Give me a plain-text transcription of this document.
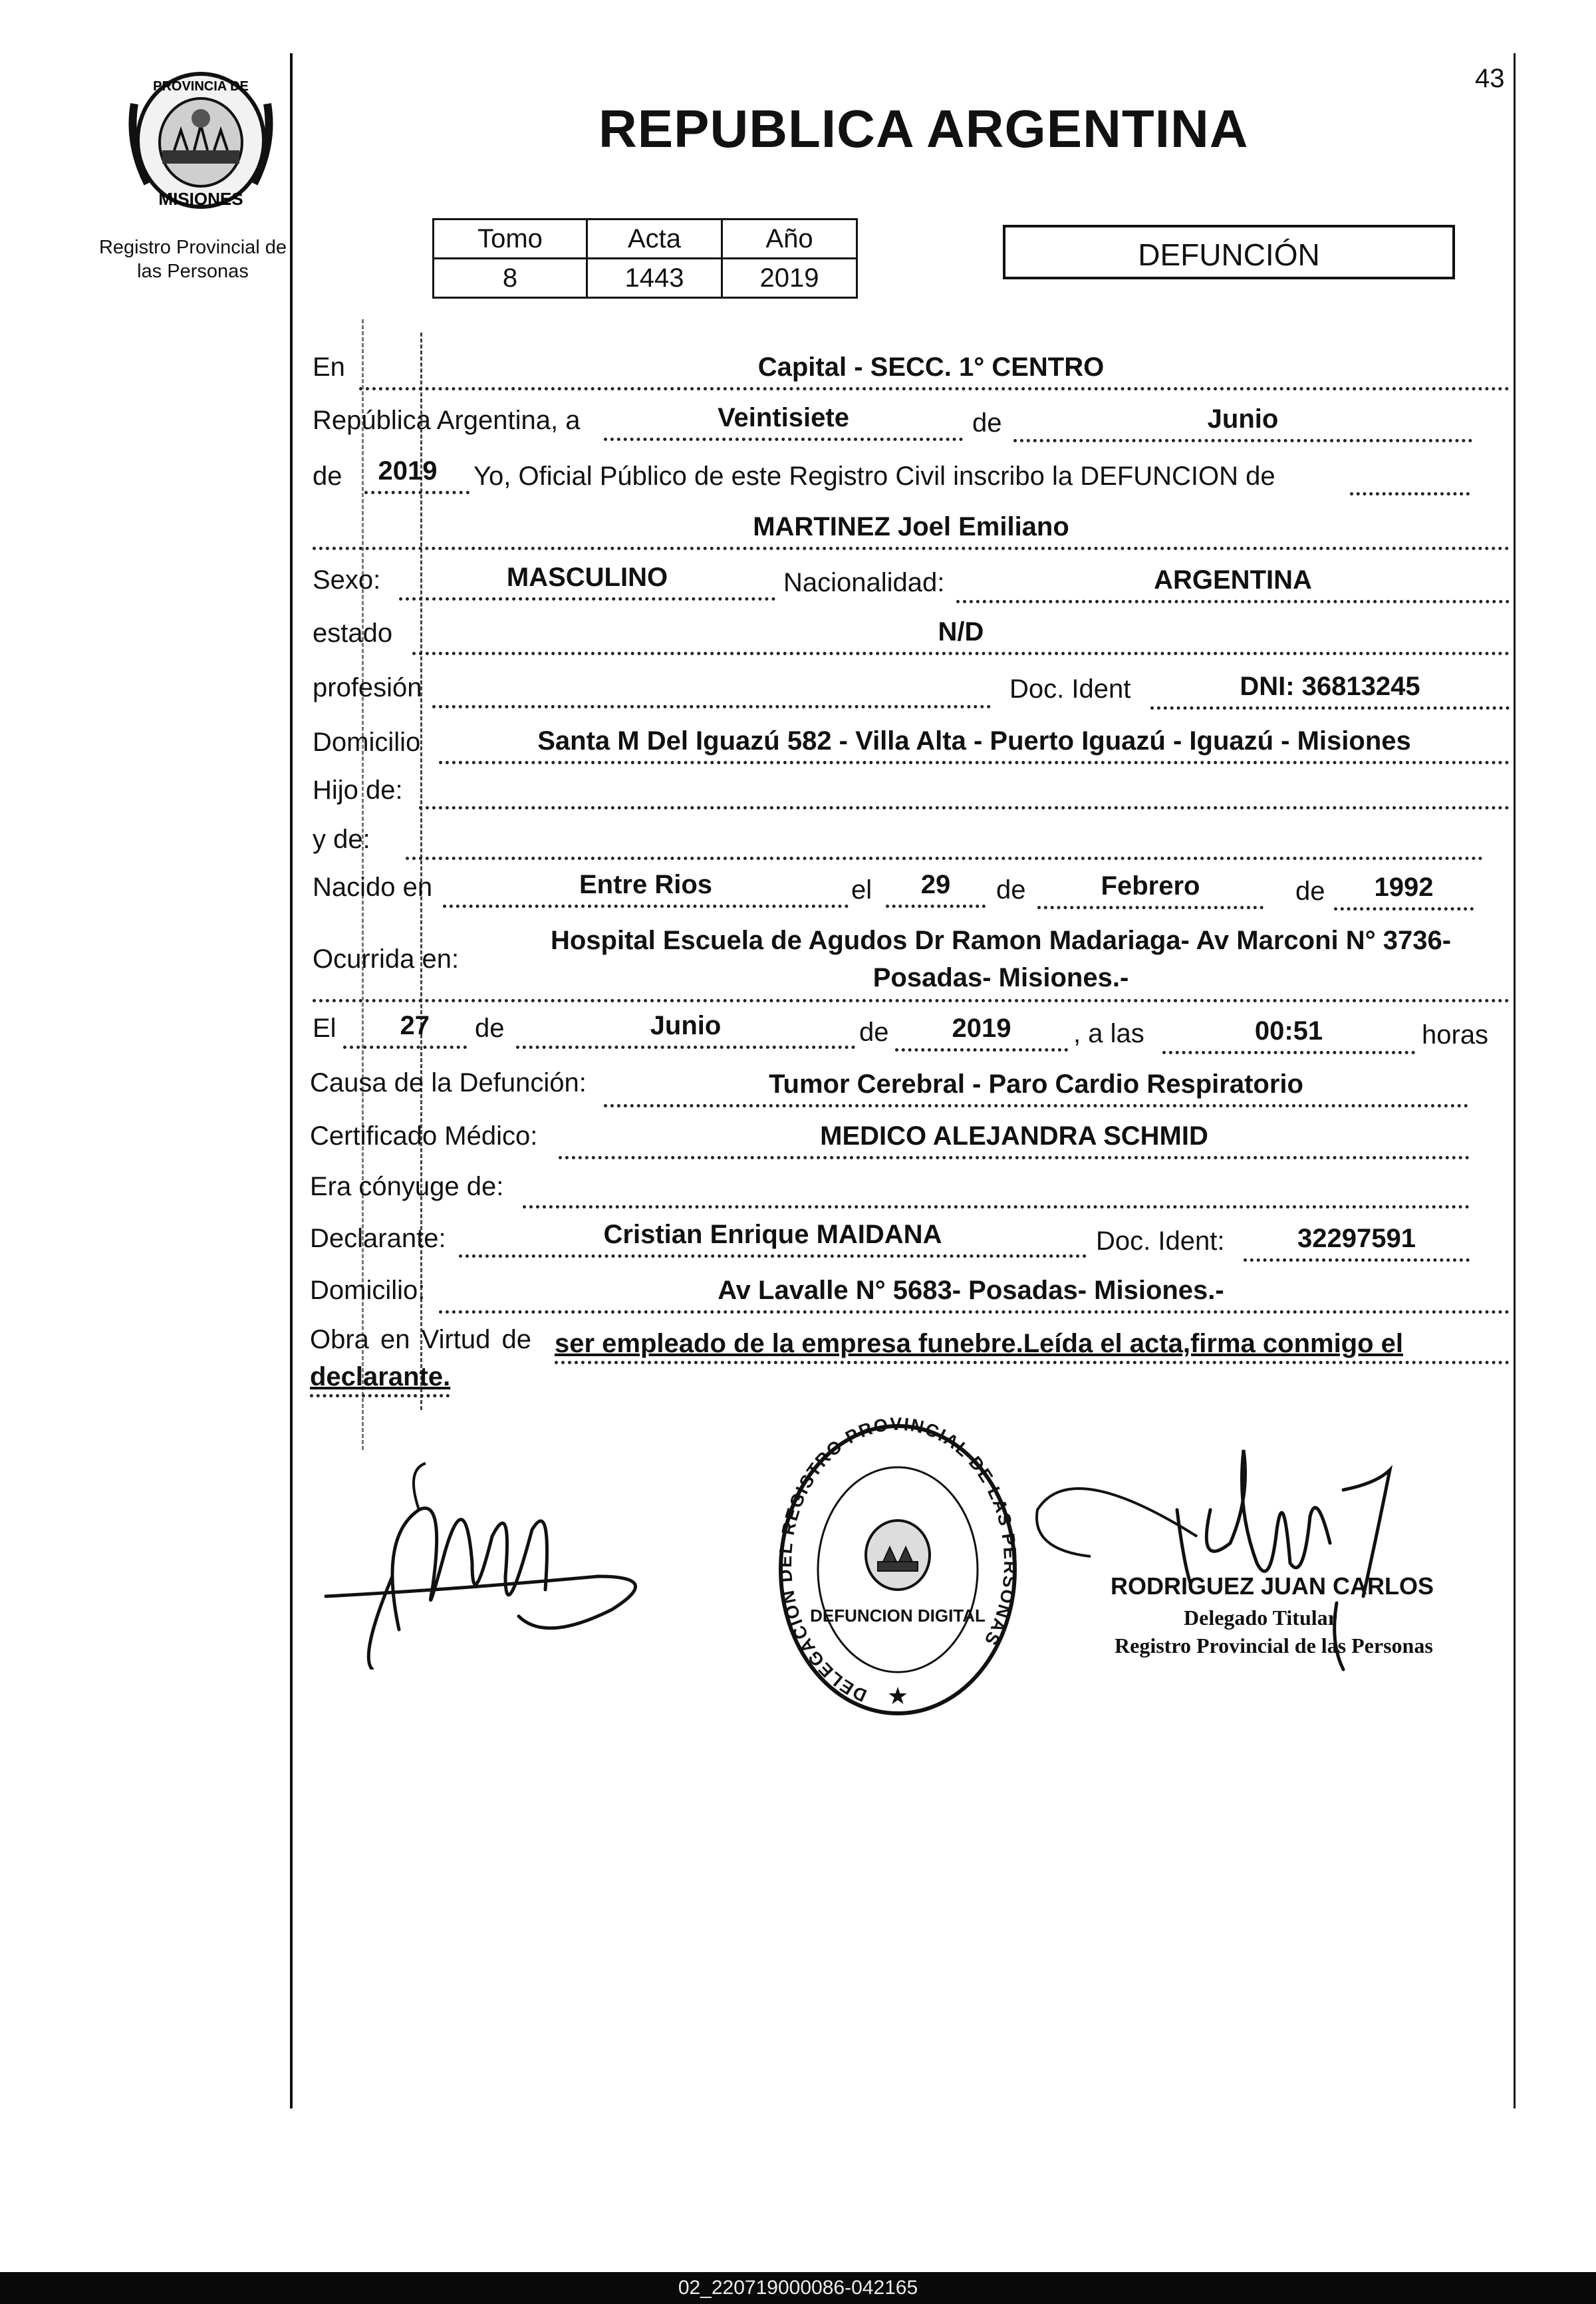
43
PROVINCIA DE
MISIONES
Registro Provincial de las Personas
REPUBLICA ARGENTINA
Tomo	Acta	Año
8	1443	2019
DEFUNCIÓN
En	Capital - SECC. 1° CENTRO
República Argentina, a	Veintisiete	de	Junio
de	2019	Yo, Oficial Público de este Registro Civil inscribo la DEFUNCION de
MARTINEZ Joel Emiliano
Sexo:	MASCULINO	Nacionalidad:	ARGENTINA
estado	N/D
profesión	Doc. Ident	DNI: 36813245
Domicilio	Santa M Del Iguazú 582 - Villa Alta - Puerto Iguazú - Iguazú - Misiones
Hijo de:
y de:
Nacido en	Entre Rios	el	29	de	Febrero	de	1992
Ocurrida en:
Hospital Escuela de Agudos Dr Ramon Madariaga- Av Marconi N° 3736-
Posadas- Misiones.-
El	27 de	Junio	de	2019	, a las	00:51	horas
Causa de la Defunción:	Tumor Cerebral - Paro Cardio Respiratorio
Certificado Médico:	MEDICO ALEJANDRA SCHMID
Era cónyuge de:
Declarante:	Cristian Enrique MAIDANA	Doc. Ident:	32297591
Domicilio:	Av Lavalle N° 5683- Posadas- Misiones.-
Obra en Virtud de ser empleado de la empresa funebre.Leída el acta,firma conmigo el
declarante.
DELEGACION DEL REGISTRO PROVINCIAL DE LAS PERSONAS
DEFUNCION DIGITAL
★
RODRIGUEZ JUAN CARLOS
Delegado Titular
Registro Provincial de las Personas
02_220719000086-042165
